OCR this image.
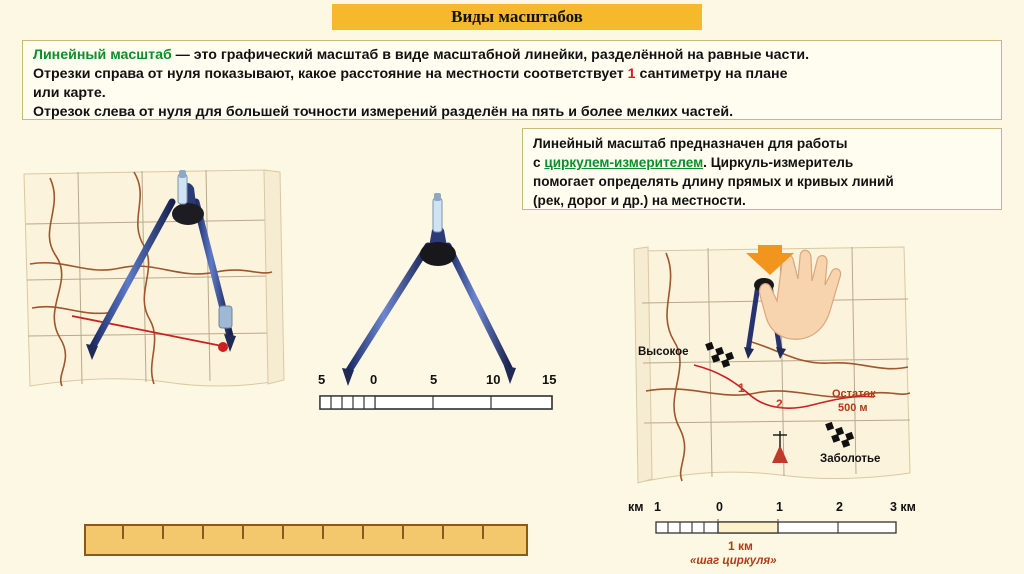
Виды масштабов

Линейный масштаб — это графический масштаб в виде масштабной линейки, разделённой на равные части.

Отрезки справа от нуля показывают, какое расстояние на местности соответствует 1 сантиметру на плане

или карте.

Отрезок слева от нуля для большей точности измерений разделён на пять и более мелких частей.

Линейный масштаб предназначен для работы

с циркулем-измерителем. Циркуль-измеритель

помогает определять длину прямых и кривых линий

(рек, дорог и др.) на местности.

5	0	5	10	15
Высокое
Заболотье
Остаток
500 м
1
2
км 1	0	1	2	3 км
1 км
«шаг циркуля»
